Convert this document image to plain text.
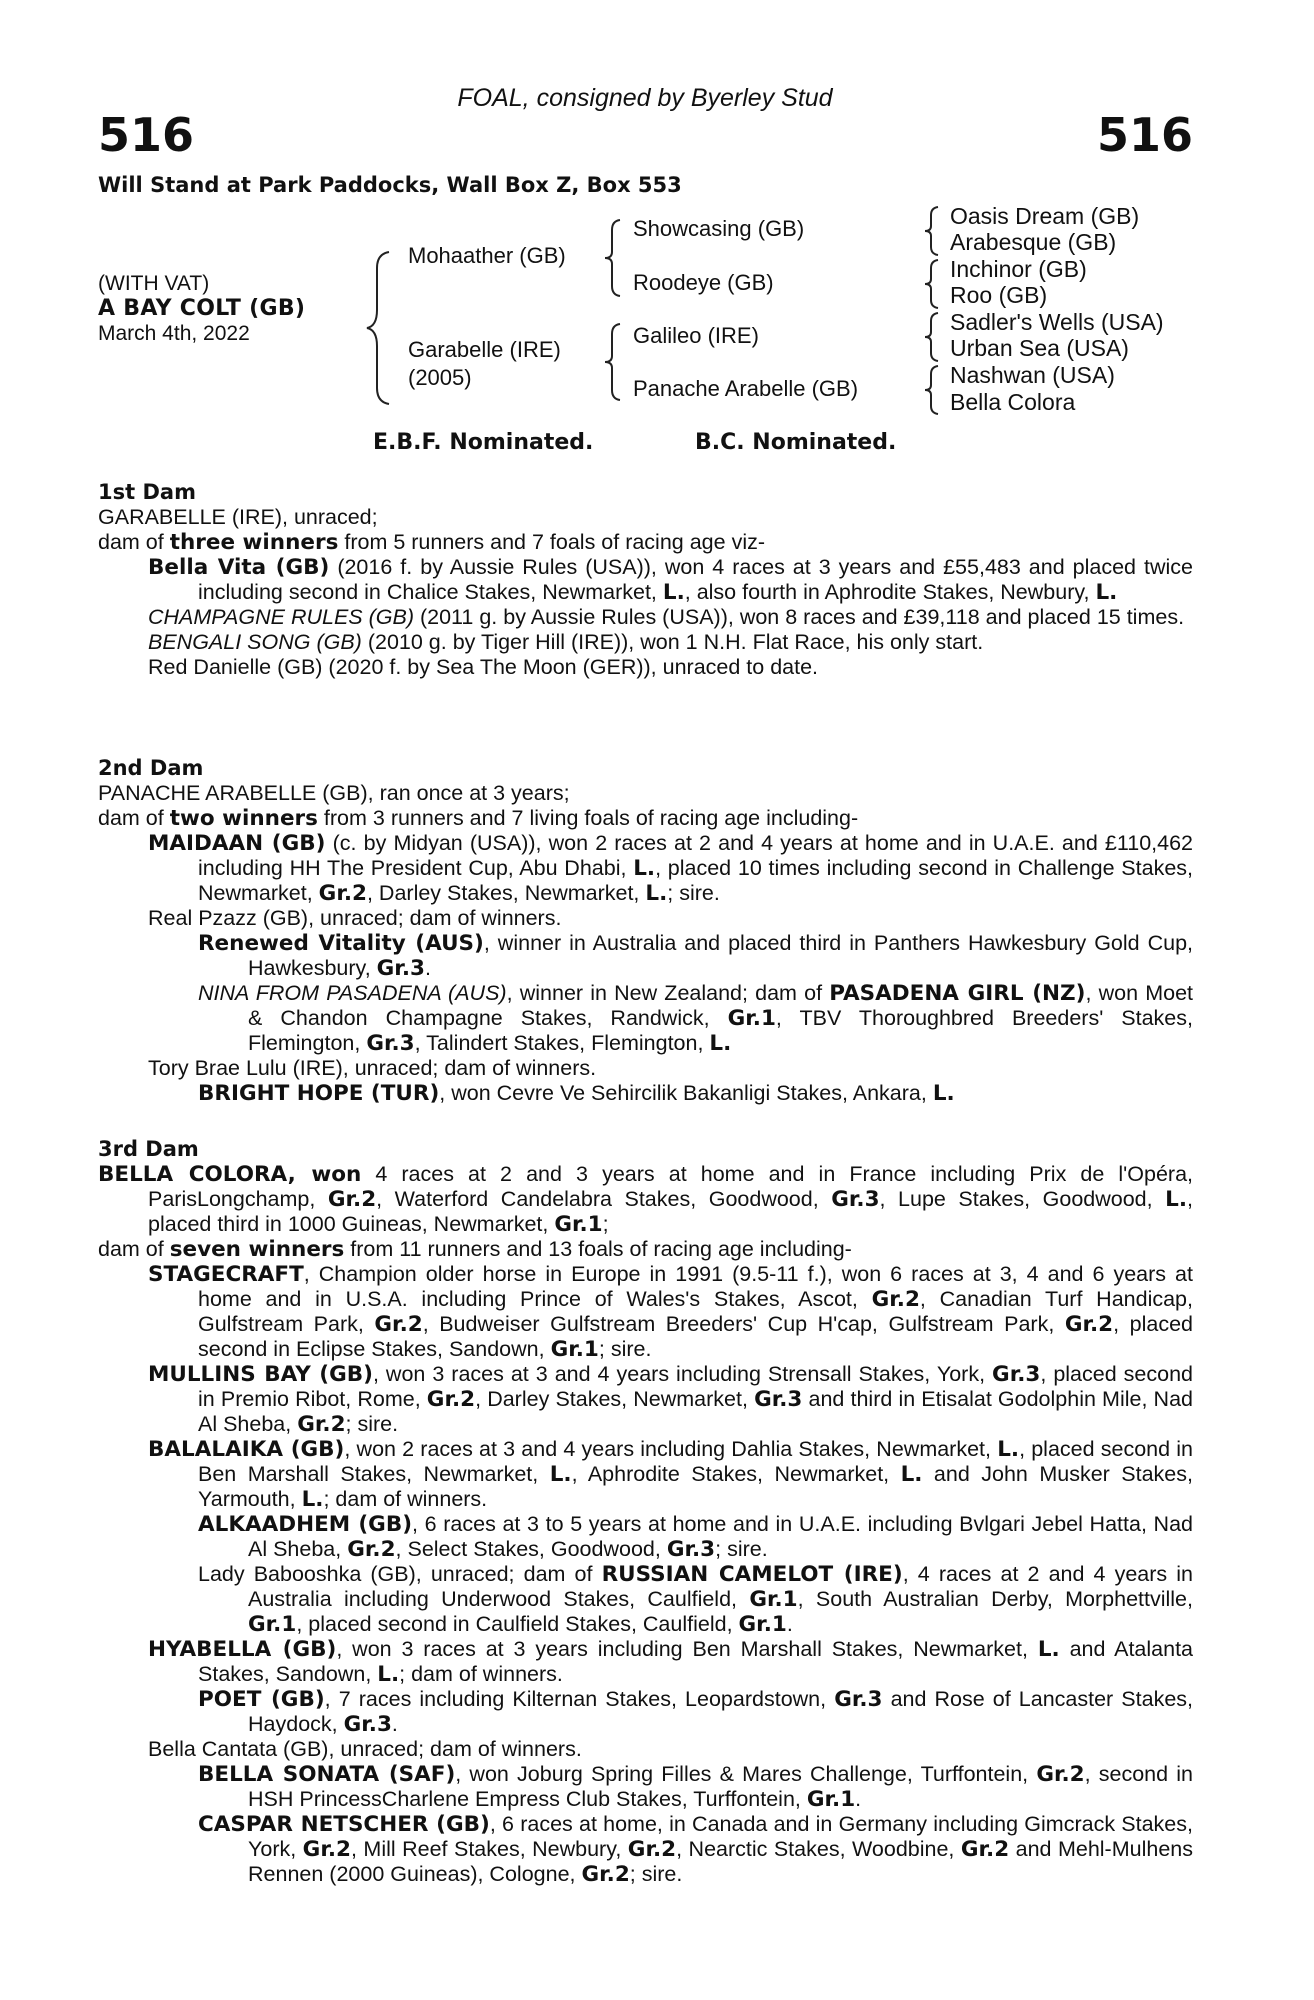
FOAL, consigned by Byerley Stud
516	516
Will Stand at Park Paddocks, Wall Box Z, Box 553
(WITH VAT)
A BAY COLT (GB)
March 4th, 2022
Mohaather (GB)
Garabelle (IRE)
(2005)
Showcasing (GB)
Roodeye (GB)
Galileo (IRE)
Panache Arabelle (GB)
Oasis Dream (GB)
Arabesque (GB)
Inchinor (GB)
Roo (GB)
Sadler's Wells (USA)
Urban Sea (USA)
Nashwan (USA)
Bella Colora
E.B.F. Nominated.	B.C. Nominated.
1st Dam

GARABELLE (IRE), unraced;

dam of three winners from 5 runners and 7 foals of racing age viz-

Bella Vita (GB) (2016 f. by Aussie Rules (USA)), won 4 races at 3 years and £55,483 and placed twice including second in Chalice Stakes, Newmarket, L., also fourth in Aphrodite Stakes, Newbury, L.

CHAMPAGNE RULES (GB) (2011 g. by Aussie Rules (USA)), won 8 races and £39,118 and placed 15 times.

BENGALI SONG (GB) (2010 g. by Tiger Hill (IRE)), won 1 N.H. Flat Race, his only start.

Red Danielle (GB) (2020 f. by Sea The Moon (GER)), unraced to date.

2nd Dam

PANACHE ARABELLE (GB), ran once at 3 years;

dam of two winners from 3 runners and 7 living foals of racing age including-

MAIDAAN (GB) (c. by Midyan (USA)), won 2 races at 2 and 4 years at home and in U.A.E. and £110,462 including HH The President Cup, Abu Dhabi, L., placed 10 times including second in Challenge Stakes, Newmarket, Gr.2, Darley Stakes, Newmarket, L.; sire.

Real Pzazz (GB), unraced; dam of winners.

Renewed Vitality (AUS), winner in Australia and placed third in Panthers Hawkesbury Gold Cup, Hawkesbury, Gr.3.

NINA FROM PASADENA (AUS), winner in New Zealand; dam of PASADENA GIRL (NZ), won Moet & Chandon Champagne Stakes, Randwick, Gr.1, TBV Thoroughbred Breeders' Stakes, Flemington, Gr.3, Talindert Stakes, Flemington, L.

Tory Brae Lulu (IRE), unraced; dam of winners.

BRIGHT HOPE (TUR), won Cevre Ve Sehircilik Bakanligi Stakes, Ankara, L.

3rd Dam

BELLA COLORA, won 4 races at 2 and 3 years at home and in France including Prix de l'Opéra, ParisLongchamp, Gr.2, Waterford Candelabra Stakes, Goodwood, Gr.3, Lupe Stakes, Goodwood, L., placed third in 1000 Guineas, Newmarket, Gr.1;

dam of seven winners from 11 runners and 13 foals of racing age including-

STAGECRAFT, Champion older horse in Europe in 1991 (9.5-11 f.), won 6 races at 3, 4 and 6 years at home and in U.S.A. including Prince of Wales's Stakes, Ascot, Gr.2, Canadian Turf Handicap, Gulfstream Park, Gr.2, Budweiser Gulfstream Breeders' Cup H'cap, Gulfstream Park, Gr.2, placed second in Eclipse Stakes, Sandown, Gr.1; sire.

MULLINS BAY (GB), won 3 races at 3 and 4 years including Strensall Stakes, York, Gr.3, placed second in Premio Ribot, Rome, Gr.2, Darley Stakes, Newmarket, Gr.3 and third in Etisalat Godolphin Mile, Nad Al Sheba, Gr.2; sire.

BALALAIKA (GB), won 2 races at 3 and 4 years including Dahlia Stakes, Newmarket, L., placed second in Ben Marshall Stakes, Newmarket, L., Aphrodite Stakes, Newmarket, L. and John Musker Stakes, Yarmouth, L.; dam of winners.

ALKAADHEM (GB), 6 races at 3 to 5 years at home and in U.A.E. including Bvlgari Jebel Hatta, Nad Al Sheba, Gr.2, Select Stakes, Goodwood, Gr.3; sire.

Lady Babooshka (GB), unraced; dam of RUSSIAN CAMELOT (IRE), 4 races at 2 and 4 years in Australia including Underwood Stakes, Caulfield, Gr.1, South Australian Derby, Morphettville, Gr.1, placed second in Caulfield Stakes, Caulfield, Gr.1.

HYABELLA (GB), won 3 races at 3 years including Ben Marshall Stakes, Newmarket, L. and Atalanta Stakes, Sandown, L.; dam of winners.

POET (GB), 7 races including Kilternan Stakes, Leopardstown, Gr.3 and Rose of Lancaster Stakes, Haydock, Gr.3.

Bella Cantata (GB), unraced; dam of winners.

BELLA SONATA (SAF), won Joburg Spring Filles & Mares Challenge, Turffontein, Gr.2, second in HSH PrincessCharlene Empress Club Stakes, Turffontein, Gr.1.

CASPAR NETSCHER (GB), 6 races at home, in Canada and in Germany including Gimcrack Stakes, York, Gr.2, Mill Reef Stakes, Newbury, Gr.2, Nearctic Stakes, Woodbine, Gr.2 and Mehl-Mulhens Rennen (2000 Guineas), Cologne, Gr.2; sire.
